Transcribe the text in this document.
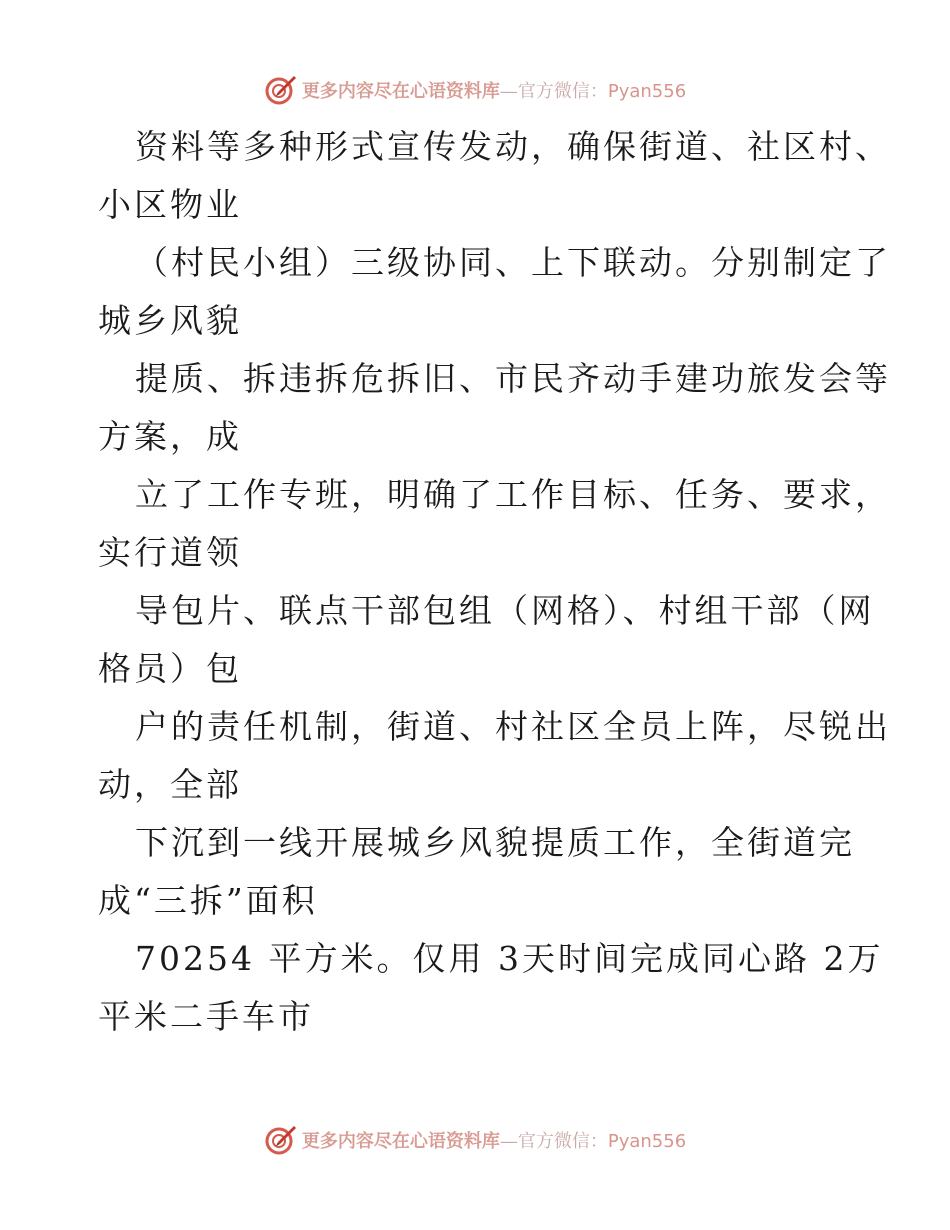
更多内容尽在心语资料库—官方微信：Pyan556
资料等多种形式宣传发动，确保街道、社区村、
小区物业
（村民小组）三级协同、上下联动。分别制定了
城乡风貌
提质、拆违拆危拆旧、市民齐动手建功旅发会等
方案，成
立了工作专班，明确了工作目标、任务、要求，
实行道领
导包片、联点干部包组（网格）、村组干部（网
格员）包
户的责任机制，街道、村社区全员上阵，尽锐出
动，全部
下沉到一线开展城乡风貌提质工作，全街道完
成“三拆”面积
70254 平方米。仅用 3天时间完成同心路 2万
平米二手车市
更多内容尽在心语资料库—官方微信：Pyan556
